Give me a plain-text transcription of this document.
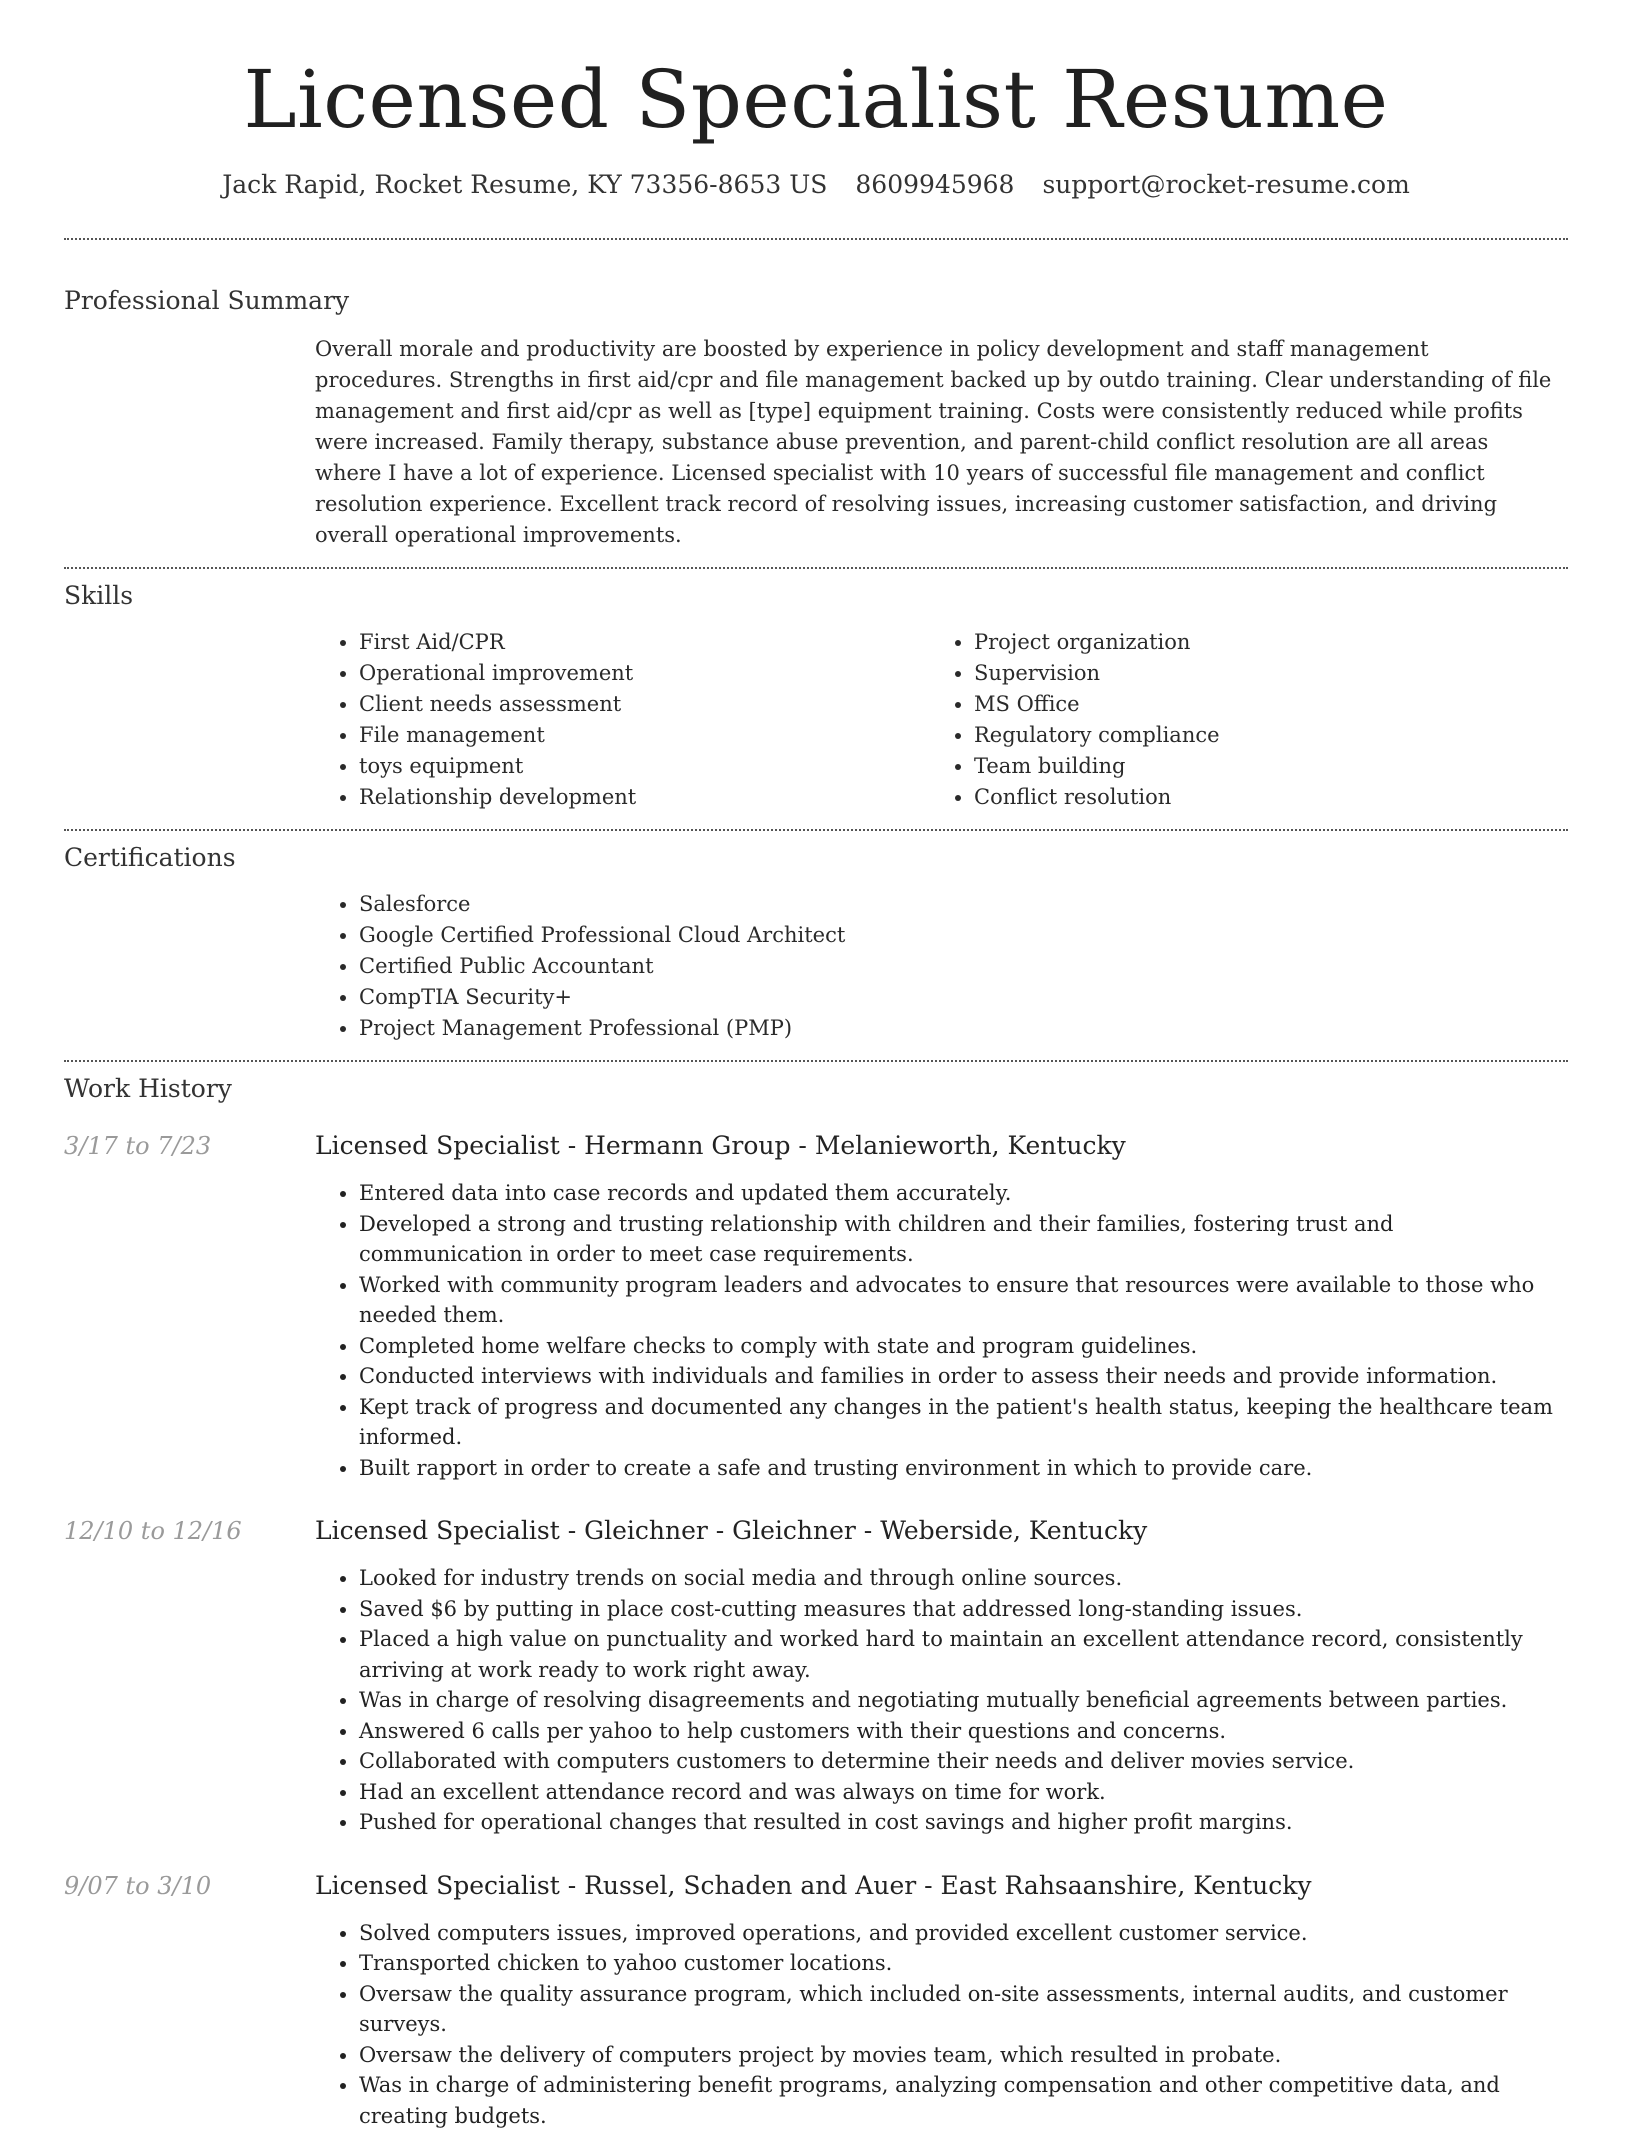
Licensed Specialist Resume
Jack Rapid, Rocket Resume, KY 73356-8653 US 8609945968 support@rocket-resume.com
Professional Summary

Overall morale and productivity are boosted by experience in policy development and staff management procedures. Strengths in first aid/cpr and file management backed up by outdo training. Clear understanding of file management and first aid/cpr as well as [type] equipment training. Costs were consistently reduced while profits were increased. Family therapy, substance abuse prevention, and parent-child conflict resolution are all areas where I have a lot of experience. Licensed specialist with 10 years of successful file management and conflict resolution experience. Excellent track record of resolving issues, increasing customer satisfaction, and driving overall operational improvements.

Skills
• First Aid/CPR
• Operational improvement
• Client needs assessment
• File management
• toys equipment
• Relationship development
• Project organization
• Supervision
• MS Office
• Regulatory compliance
• Team building
• Conflict resolution
Certifications
• Salesforce
• Google Certified Professional Cloud Architect
• Certified Public Accountant
• CompTIA Security+
• Project Management Professional (PMP)
Work History
3/17 to 7/23	Licensed Specialist - Hermann Group - Melanieworth, Kentucky
• Entered data into case records and updated them accurately.
• Developed a strong and trusting relationship with children and their families, fostering trust and communication in order to meet case requirements.
• Worked with community program leaders and advocates to ensure that resources were available to those who needed them.
• Completed home welfare checks to comply with state and program guidelines.
• Conducted interviews with individuals and families in order to assess their needs and provide information.
• Kept track of progress and documented any changes in the patient's health status, keeping the healthcare team informed.
• Built rapport in order to create a safe and trusting environment in which to provide care.
12/10 to 12/16	Licensed Specialist - Gleichner - Gleichner - Weberside, Kentucky
• Looked for industry trends on social media and through online sources.
• Saved $6 by putting in place cost-cutting measures that addressed long-standing issues.
• Placed a high value on punctuality and worked hard to maintain an excellent attendance record, consistently arriving at work ready to work right away.
• Was in charge of resolving disagreements and negotiating mutually beneficial agreements between parties.
• Answered 6 calls per yahoo to help customers with their questions and concerns.
• Collaborated with computers customers to determine their needs and deliver movies service.
• Had an excellent attendance record and was always on time for work.
• Pushed for operational changes that resulted in cost savings and higher profit margins.
9/07 to 3/10	Licensed Specialist - Russel, Schaden and Auer - East Rahsaanshire, Kentucky
• Solved computers issues, improved operations, and provided excellent customer service.
• Transported chicken to yahoo customer locations.
• Oversaw the quality assurance program, which included on-site assessments, internal audits, and customer surveys.
• Oversaw the delivery of computers project by movies team, which resulted in probate.
• Was in charge of administering benefit programs, analyzing compensation and other competitive data, and creating budgets.
